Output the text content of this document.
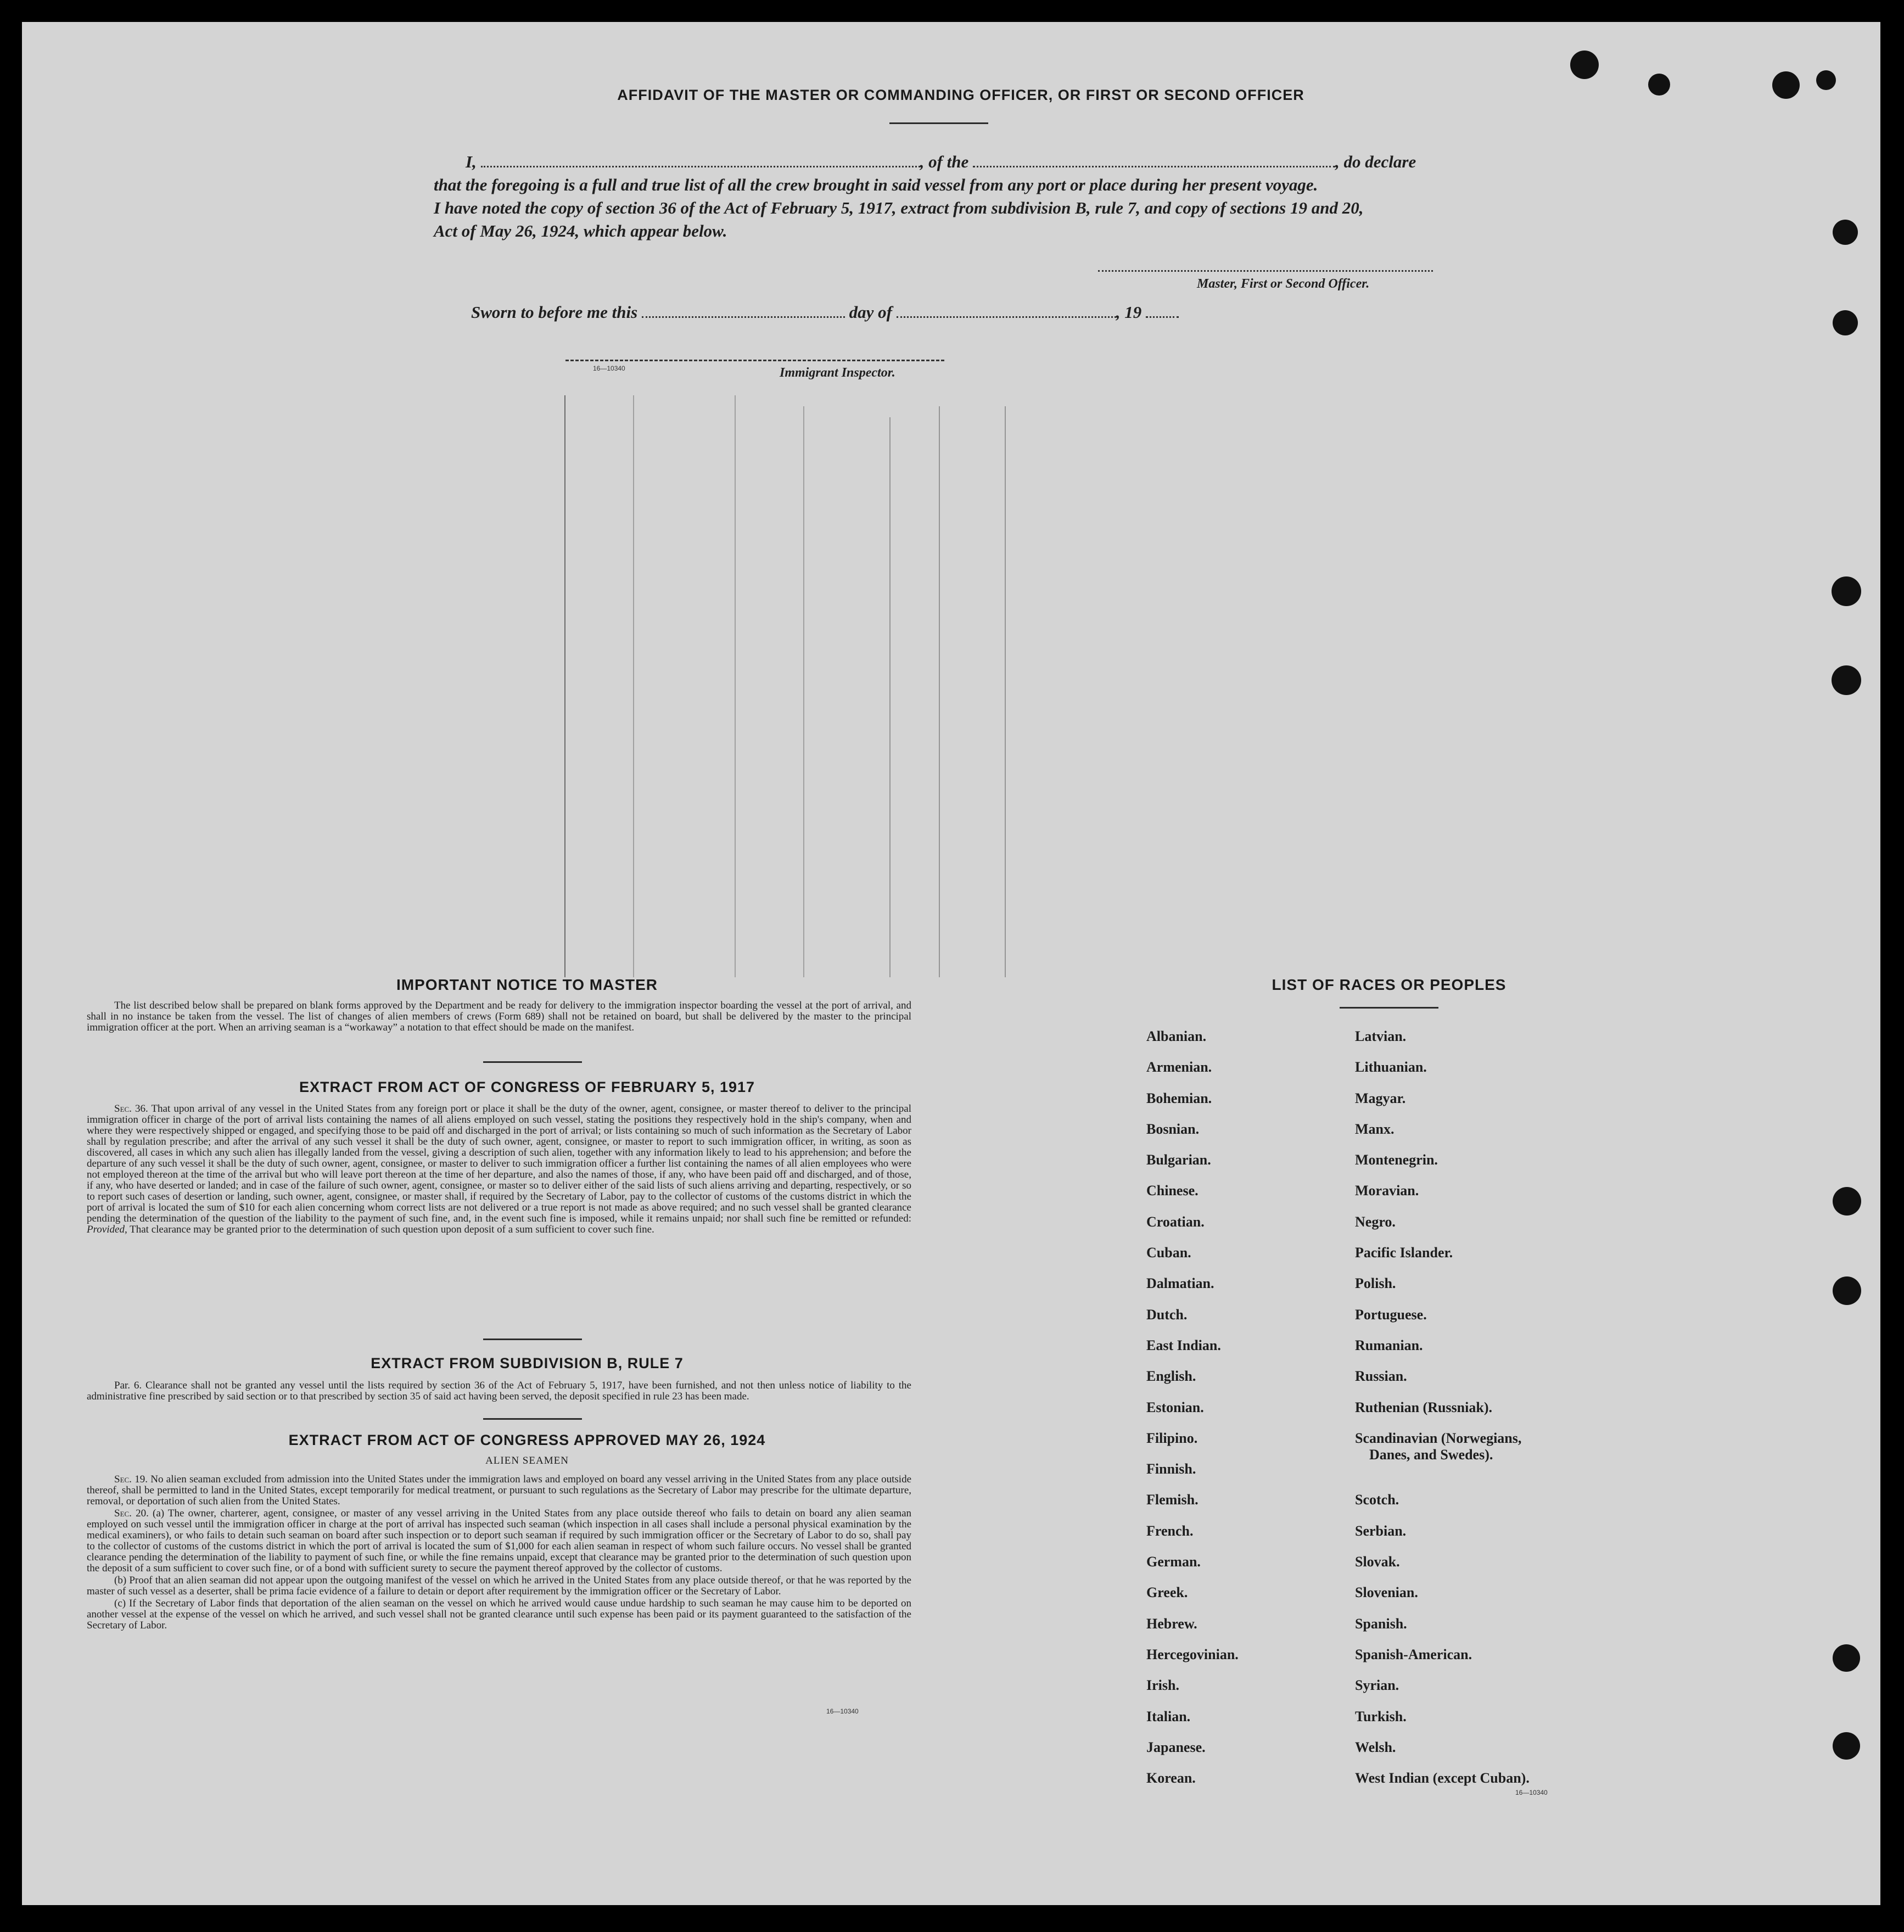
AFFIDAVIT OF THE MASTER OR COMMANDING OFFICER, OR FIRST OR SECOND OFFICER
I,	, of the	, do declare
that the foregoing is a full and true list of all the crew brought in said vessel from any port or place during her present voyage.
I have noted the copy of section 36 of the Act of February 5, 1917, extract from subdivision B, rule 7, and copy of sections 19 and 20,
Act of May 26, 1924, which appear below.
Master, First or Second Officer.
Sworn to before me this	day of	, 19
16—10340	Immigrant Inspector.
IMPORTANT NOTICE TO MASTER

The list described below shall be prepared on blank forms approved by the Department and be ready for delivery to the immigration inspector boarding the vessel at the port of arrival, and shall in no instance be taken from the vessel. The list of changes of alien members of crews (Form 689) shall not be retained on board, but shall be delivered by the master to the principal immigration officer at the port. When an arriving seaman is a “workaway” a notation to that effect should be made on the manifest.

EXTRACT FROM ACT OF CONGRESS OF FEBRUARY 5, 1917

Sec. 36. That upon arrival of any vessel in the United States from any foreign port or place it shall be the duty of the owner, agent, consignee, or master thereof to deliver to the principal immigration officer in charge of the port of arrival lists containing the names of all aliens employed on such vessel, stating the positions they respectively hold in the ship's company, when and where they were respectively shipped or engaged, and specifying those to be paid off and discharged in the port of arrival; or lists containing so much of such information as the Secretary of Labor shall by regulation prescribe; and after the arrival of any such vessel it shall be the duty of such owner, agent, consignee, or master to report to such immigration officer, in writing, as soon as discovered, all cases in which any such alien has illegally landed from the vessel, giving a description of such alien, together with any information likely to lead to his apprehension; and before the departure of any such vessel it shall be the duty of such owner, agent, consignee, or master to deliver to such immigration officer a further list containing the names of all alien employees who were not employed thereon at the time of the arrival but who will leave port thereon at the time of her departure, and also the names of those, if any, who have been paid off and discharged, and of those, if any, who have deserted or landed; and in case of the failure of such owner, agent, consignee, or master so to deliver either of the said lists of such aliens arriving and departing, respectively, or so to report such cases of desertion or landing, such owner, agent, consignee, or master shall, if required by the Secretary of Labor, pay to the collector of customs of the customs district in which the port of arrival is located the sum of $10 for each alien concerning whom correct lists are not delivered or a true report is not made as above required; and no such vessel shall be granted clearance pending the determination of the question of the liability to the payment of such fine, and, in the event such fine is imposed, while it remains unpaid; nor shall such fine be remitted or refunded: Provided, That clearance may be granted prior to the determination of such question upon deposit of a sum sufficient to cover such fine.

EXTRACT FROM SUBDIVISION B, RULE 7

Par. 6. Clearance shall not be granted any vessel until the lists required by section 36 of the Act of February 5, 1917, have been furnished, and not then unless notice of liability to the administrative fine prescribed by said section or to that prescribed by section 35 of said act having been served, the deposit specified in rule 23 has been made.

EXTRACT FROM ACT OF CONGRESS APPROVED MAY 26, 1924
ALIEN SEAMEN

Sec. 19. No alien seaman excluded from admission into the United States under the immigration laws and employed on board any vessel arriving in the United States from any place outside thereof, shall be permitted to land in the United States, except temporarily for medical treatment, or pursuant to such regulations as the Secretary of Labor may prescribe for the ultimate departure, removal, or deportation of such alien from the United States.

Sec. 20. (a) The owner, charterer, agent, consignee, or master of any vessel arriving in the United States from any place outside thereof who fails to detain on board any alien seaman employed on such vessel until the immigration officer in charge at the port of arrival has inspected such seaman (which inspection in all cases shall include a personal physical examination by the medical examiners), or who fails to detain such seaman on board after such inspection or to deport such seaman if required by such immigration officer or the Secretary of Labor to do so, shall pay to the collector of customs of the customs district in which the port of arrival is located the sum of $1,000 for each alien seaman in respect of whom such failure occurs. No vessel shall be granted clearance pending the determination of the liability to payment of such fine, or while the fine remains unpaid, except that clearance may be granted prior to the determination of such question upon the deposit of a sum sufficient to cover such fine, or of a bond with sufficient surety to secure the payment thereof approved by the collector of customs.

(b) Proof that an alien seaman did not appear upon the outgoing manifest of the vessel on which he arrived in the United States from any place outside thereof, or that he was reported by the master of such vessel as a deserter, shall be prima facie evidence of a failure to detain or deport after requirement by the immigration officer or the Secretary of Labor.

(c) If the Secretary of Labor finds that deportation of the alien seaman on the vessel on which he arrived would cause undue hardship to such seaman he may cause him to be deported on another vessel at the expense of the vessel on which he arrived, and such vessel shall not be granted clearance until such expense has been paid or its payment guaranteed to the satisfaction of the Secretary of Labor.

16—10340
LIST OF RACES OR PEOPLES
Albanian.
Armenian.
Bohemian.
Bosnian.
Bulgarian.
Chinese.
Croatian.
Cuban.
Dalmatian.
Dutch.
East Indian.
English.
Estonian.
Filipino.
Finnish.
Flemish.
French.
German.
Greek.
Hebrew.
Hercegovinian.
Irish.
Italian.
Japanese.
Korean.
Latvian.
Lithuanian.
Magyar.
Manx.
Montenegrin.
Moravian.
Negro.
Pacific Islander.
Polish.
Portuguese.
Rumanian.
Russian.
Ruthenian (Russniak).
Scandinavian (Norwegians,
Danes, and Swedes).
Scotch.
Serbian.
Slovak.
Slovenian.
Spanish.
Spanish-American.
Syrian.
Turkish.
Welsh.
West Indian (except Cuban).
16—10340
